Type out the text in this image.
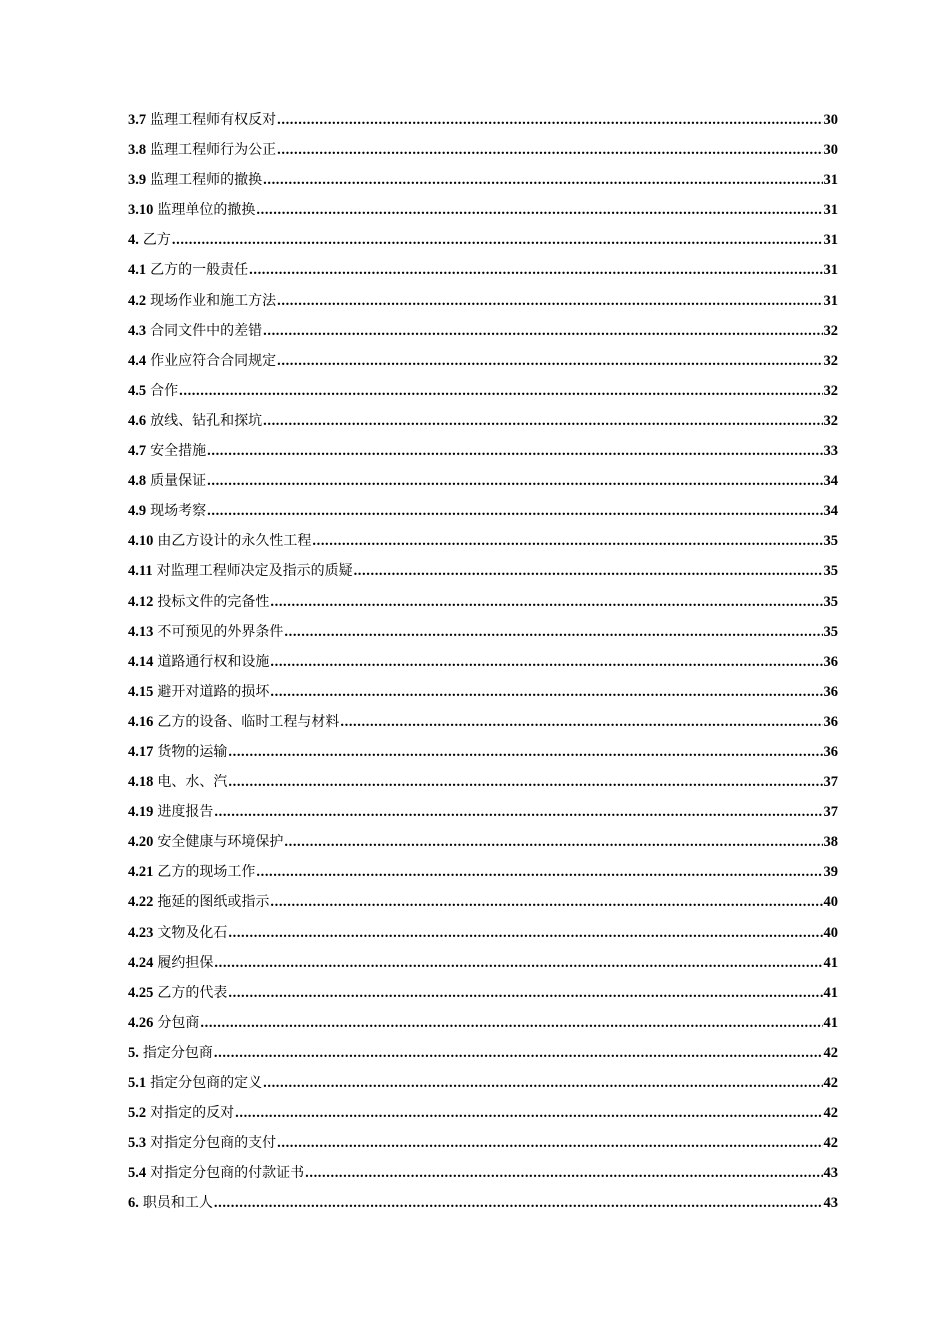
3.7 监理工程师有权反对 .....	30
3.8 监理工程师行为公正 .....	30
3.9 监理工程师的撤换 .....	31
3.10 监理单位的撤换 .....	31
4. 乙方 .....	31
4.1 乙方的一般责任 .....	31
4.2 现场作业和施工方法 .....	31
4.3 合同文件中的差错 .....	32
4.4 作业应符合合同规定 .....	32
4.5 合作 .....	32
4.6 放线、钻孔和探坑 .....	32
4.7 安全措施 .....	33
4.8 质量保证 .....	34
4.9 现场考察 .....	34
4.10 由乙方设计的永久性工程 .....	35
4.11 对监理工程师决定及指示的质疑 .....	35
4.12 投标文件的完备性 .....	35
4.13 不可预见的外界条件 .....	35
4.14 道路通行权和设施 .....	36
4.15 避开对道路的损坏 .....	36
4.16 乙方的设备、临时工程与材料 .....	36
4.17 货物的运输 .....	36
4.18 电、水、汽 .....	37
4.19 进度报告 .....	37
4.20 安全健康与环境保护 .....	38
4.21 乙方的现场工作 .....	39
4.22 拖延的图纸或指示 .....	40
4.23 文物及化石 .....	40
4.24 履约担保 .....	41
4.25 乙方的代表 .....	41
4.26 分包商 .....	41
5. 指定分包商 .....	42
5.1 指定分包商的定义 .....	42
5.2 对指定的反对 .....	42
5.3 对指定分包商的支付 .....	42
5.4 对指定分包商的付款证书 .....	43
6. 职员和工人 .....	43
